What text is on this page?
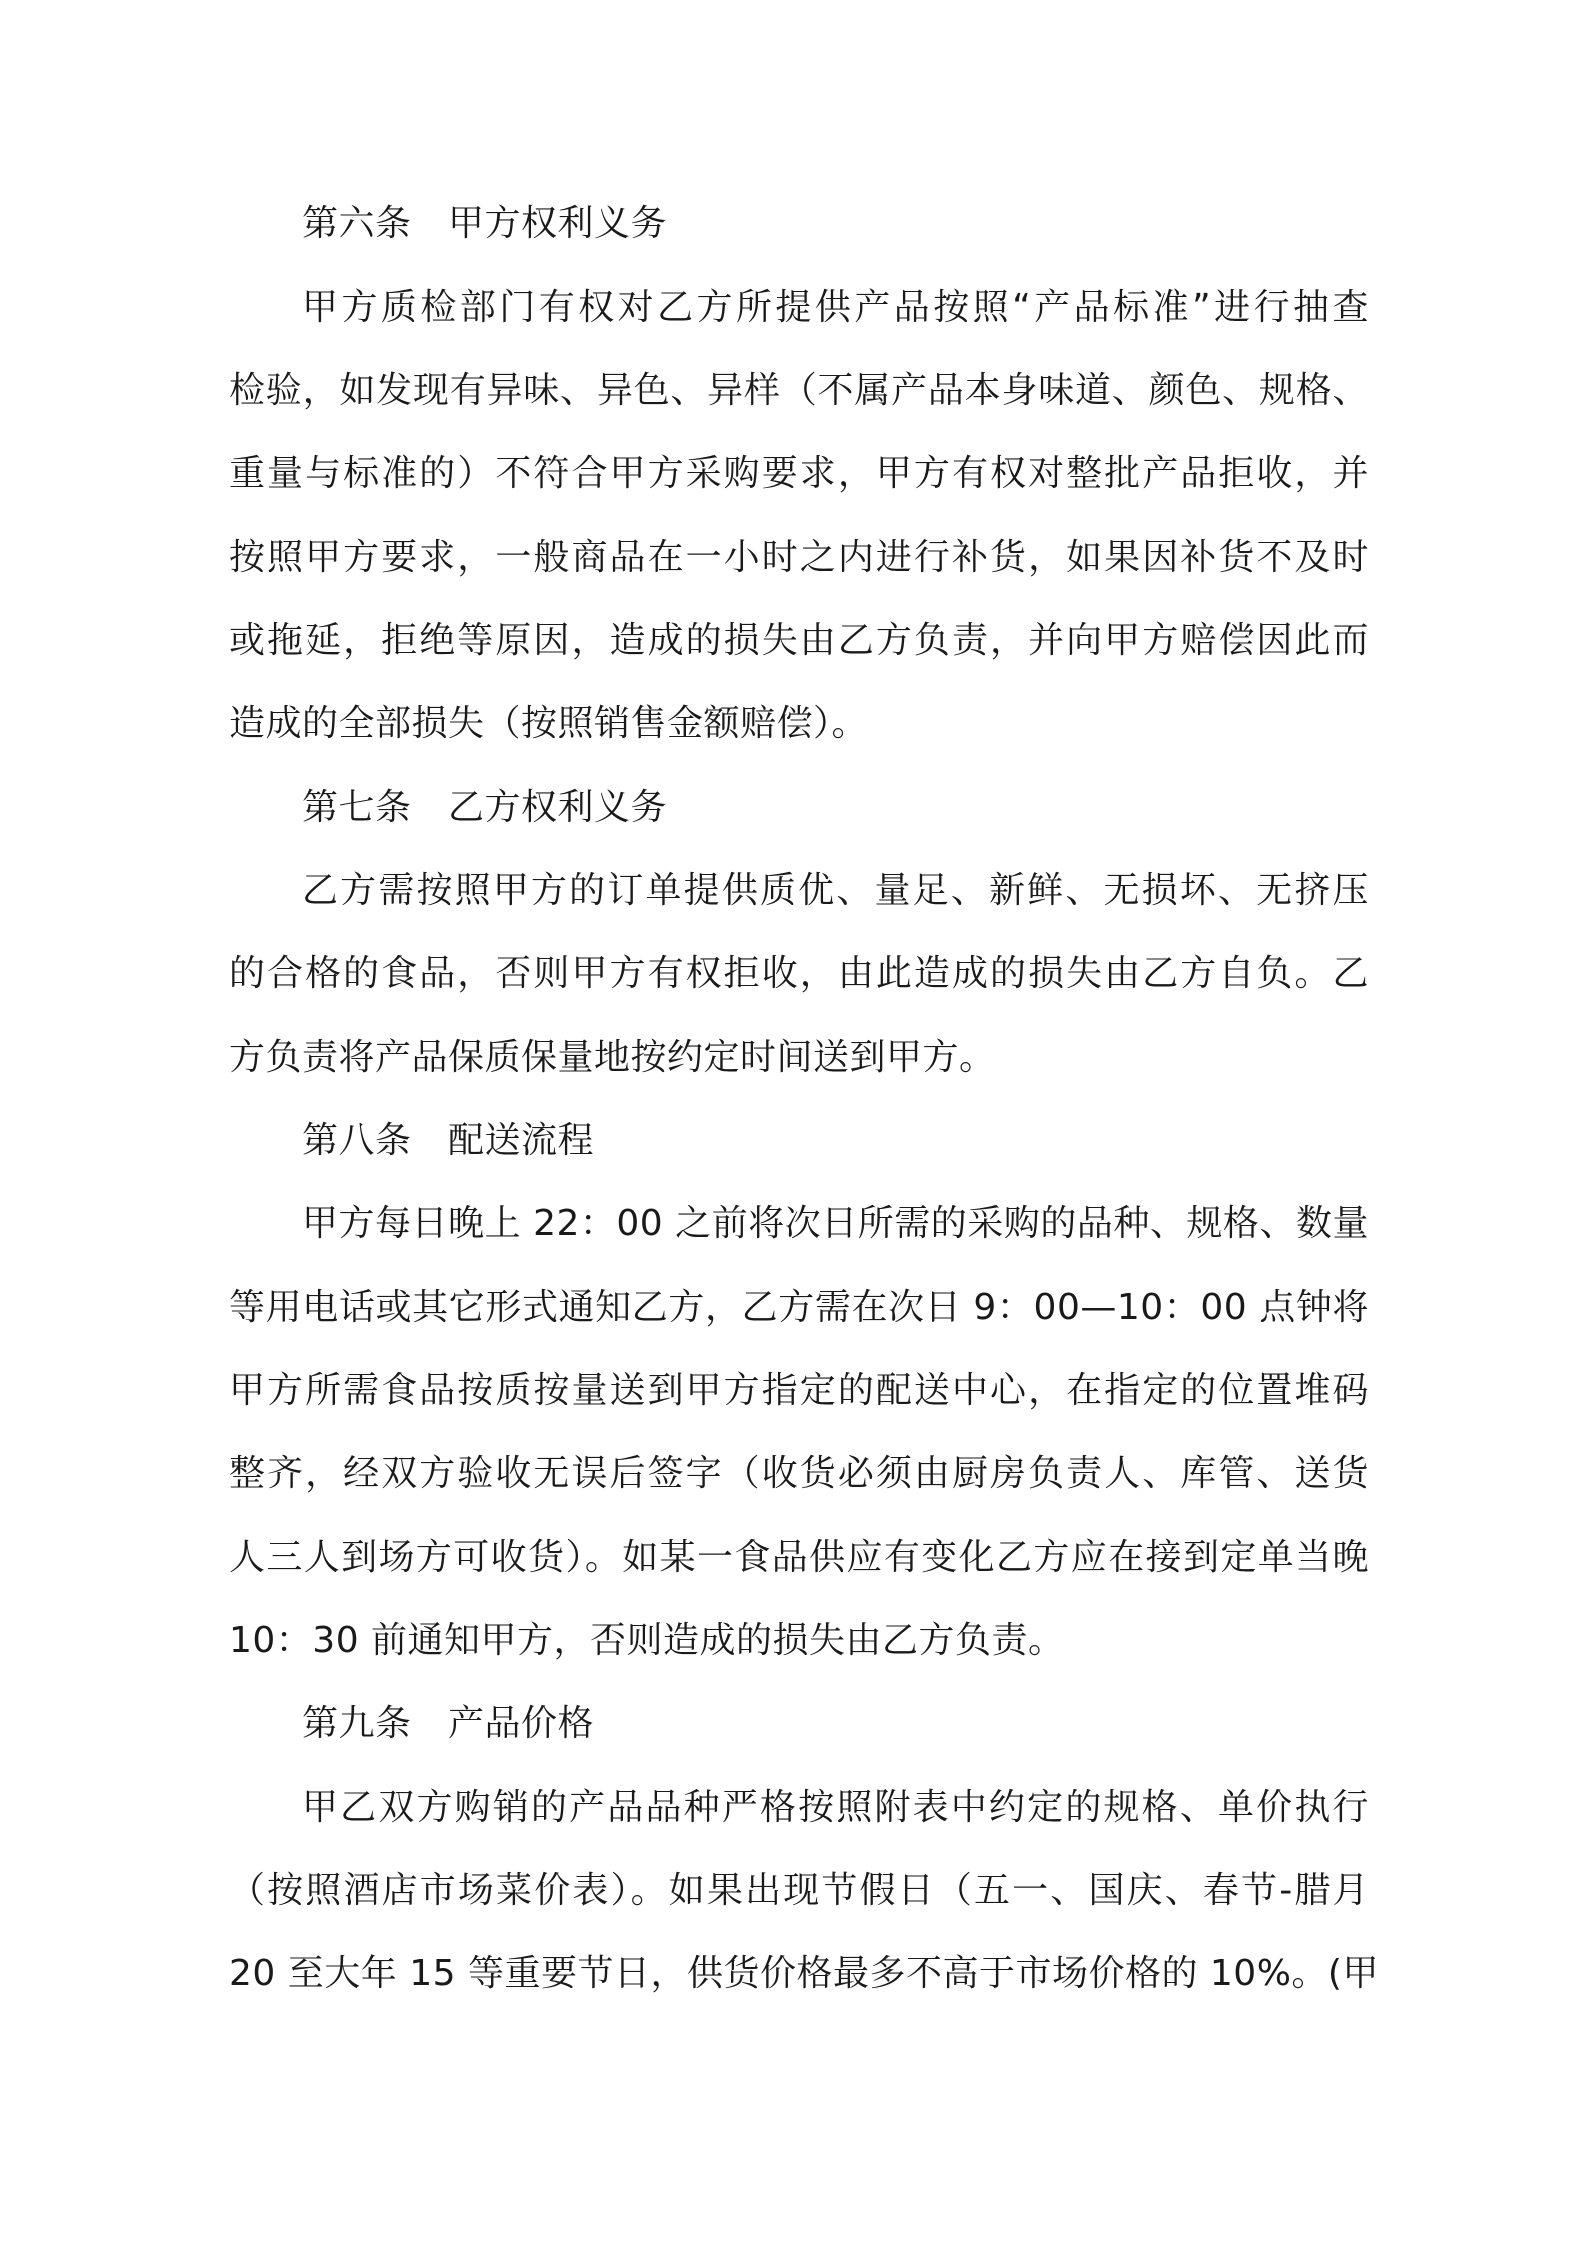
第六条　甲方权利义务
甲方质检部门有权对乙方所提供产品按照“产品标准”进行抽查
检验，如发现有异味、异色、异样（不属产品本身味道、颜色、规格、
重量与标准的）不符合甲方采购要求，甲方有权对整批产品拒收，并
按照甲方要求，一般商品在一小时之内进行补货，如果因补货不及时
或拖延，拒绝等原因，造成的损失由乙方负责，并向甲方赔偿因此而
造成的全部损失（按照销售金额赔偿）。
第七条　乙方权利义务
乙方需按照甲方的订单提供质优、量足、新鲜、无损坏、无挤压
的合格的食品，否则甲方有权拒收，由此造成的损失由乙方自负。乙
方负责将产品保质保量地按约定时间送到甲方。
第八条　配送流程
甲方每日晚上 22：00 之前将次日所需的采购的品种、规格、数量
等用电话或其它形式通知乙方，乙方需在次日 9：00—10：00 点钟将
甲方所需食品按质按量送到甲方指定的配送中心，在指定的位置堆码
整齐，经双方验收无误后签字（收货必须由厨房负责人、库管、送货
人三人到场方可收货）。如某一食品供应有变化乙方应在接到定单当晚
10：30 前通知甲方，否则造成的损失由乙方负责。
第九条　产品价格
甲乙双方购销的产品品种严格按照附表中约定的规格、单价执行
（按照酒店市场菜价表）。如果出现节假日（五一、国庆、春节-腊月
20 至大年 15 等重要节日，供货价格最多不高于市场价格的 10%。(甲
